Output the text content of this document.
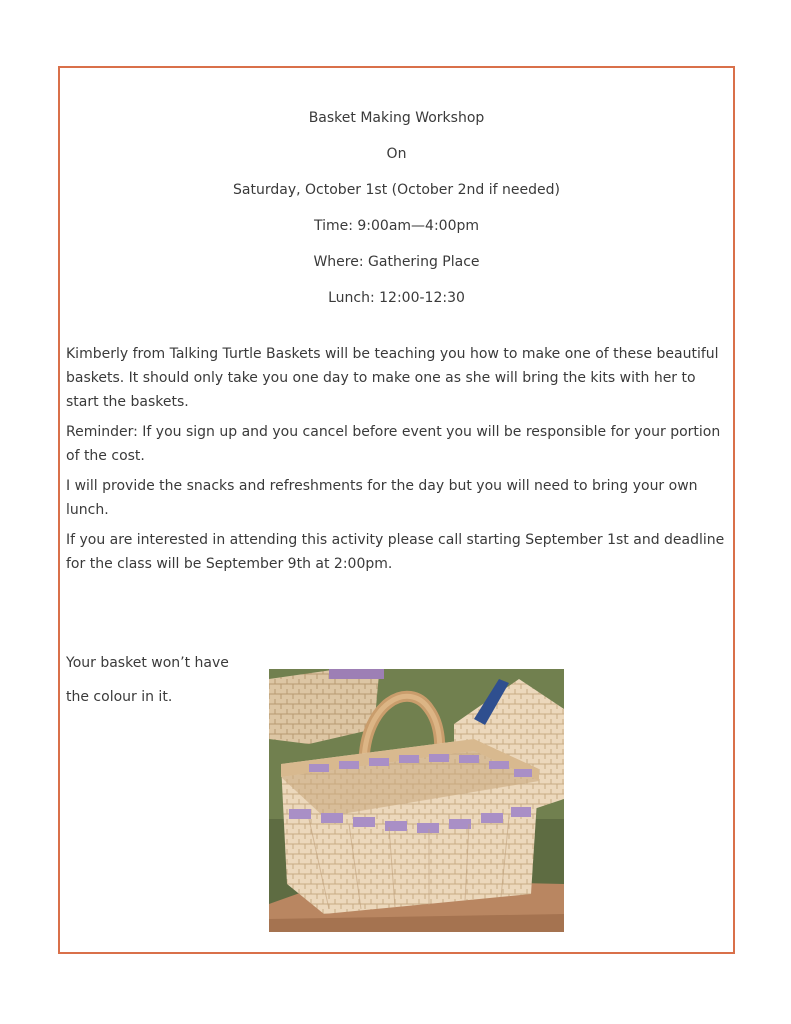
Basket Making Workshop

On

Saturday, October 1st (October 2nd if needed)

Time: 9:00am—4:00pm

Where: Gathering Place

Lunch: 12:00-12:30

Kimberly from Talking Turtle Baskets will be teaching you how to make one of these beautiful baskets. It should only take you one day to make one as she will bring the kits with her to start the baskets.

Reminder: If you sign up and you cancel before event you will be responsible for your portion of the cost.

I will provide the snacks and refreshments for the day but you will need to bring your own lunch.

If you are interested in attending this activity please call starting September 1st and deadline for the class will be September 9th at 2:00pm.

Your basket won’t have

the colour in it.
